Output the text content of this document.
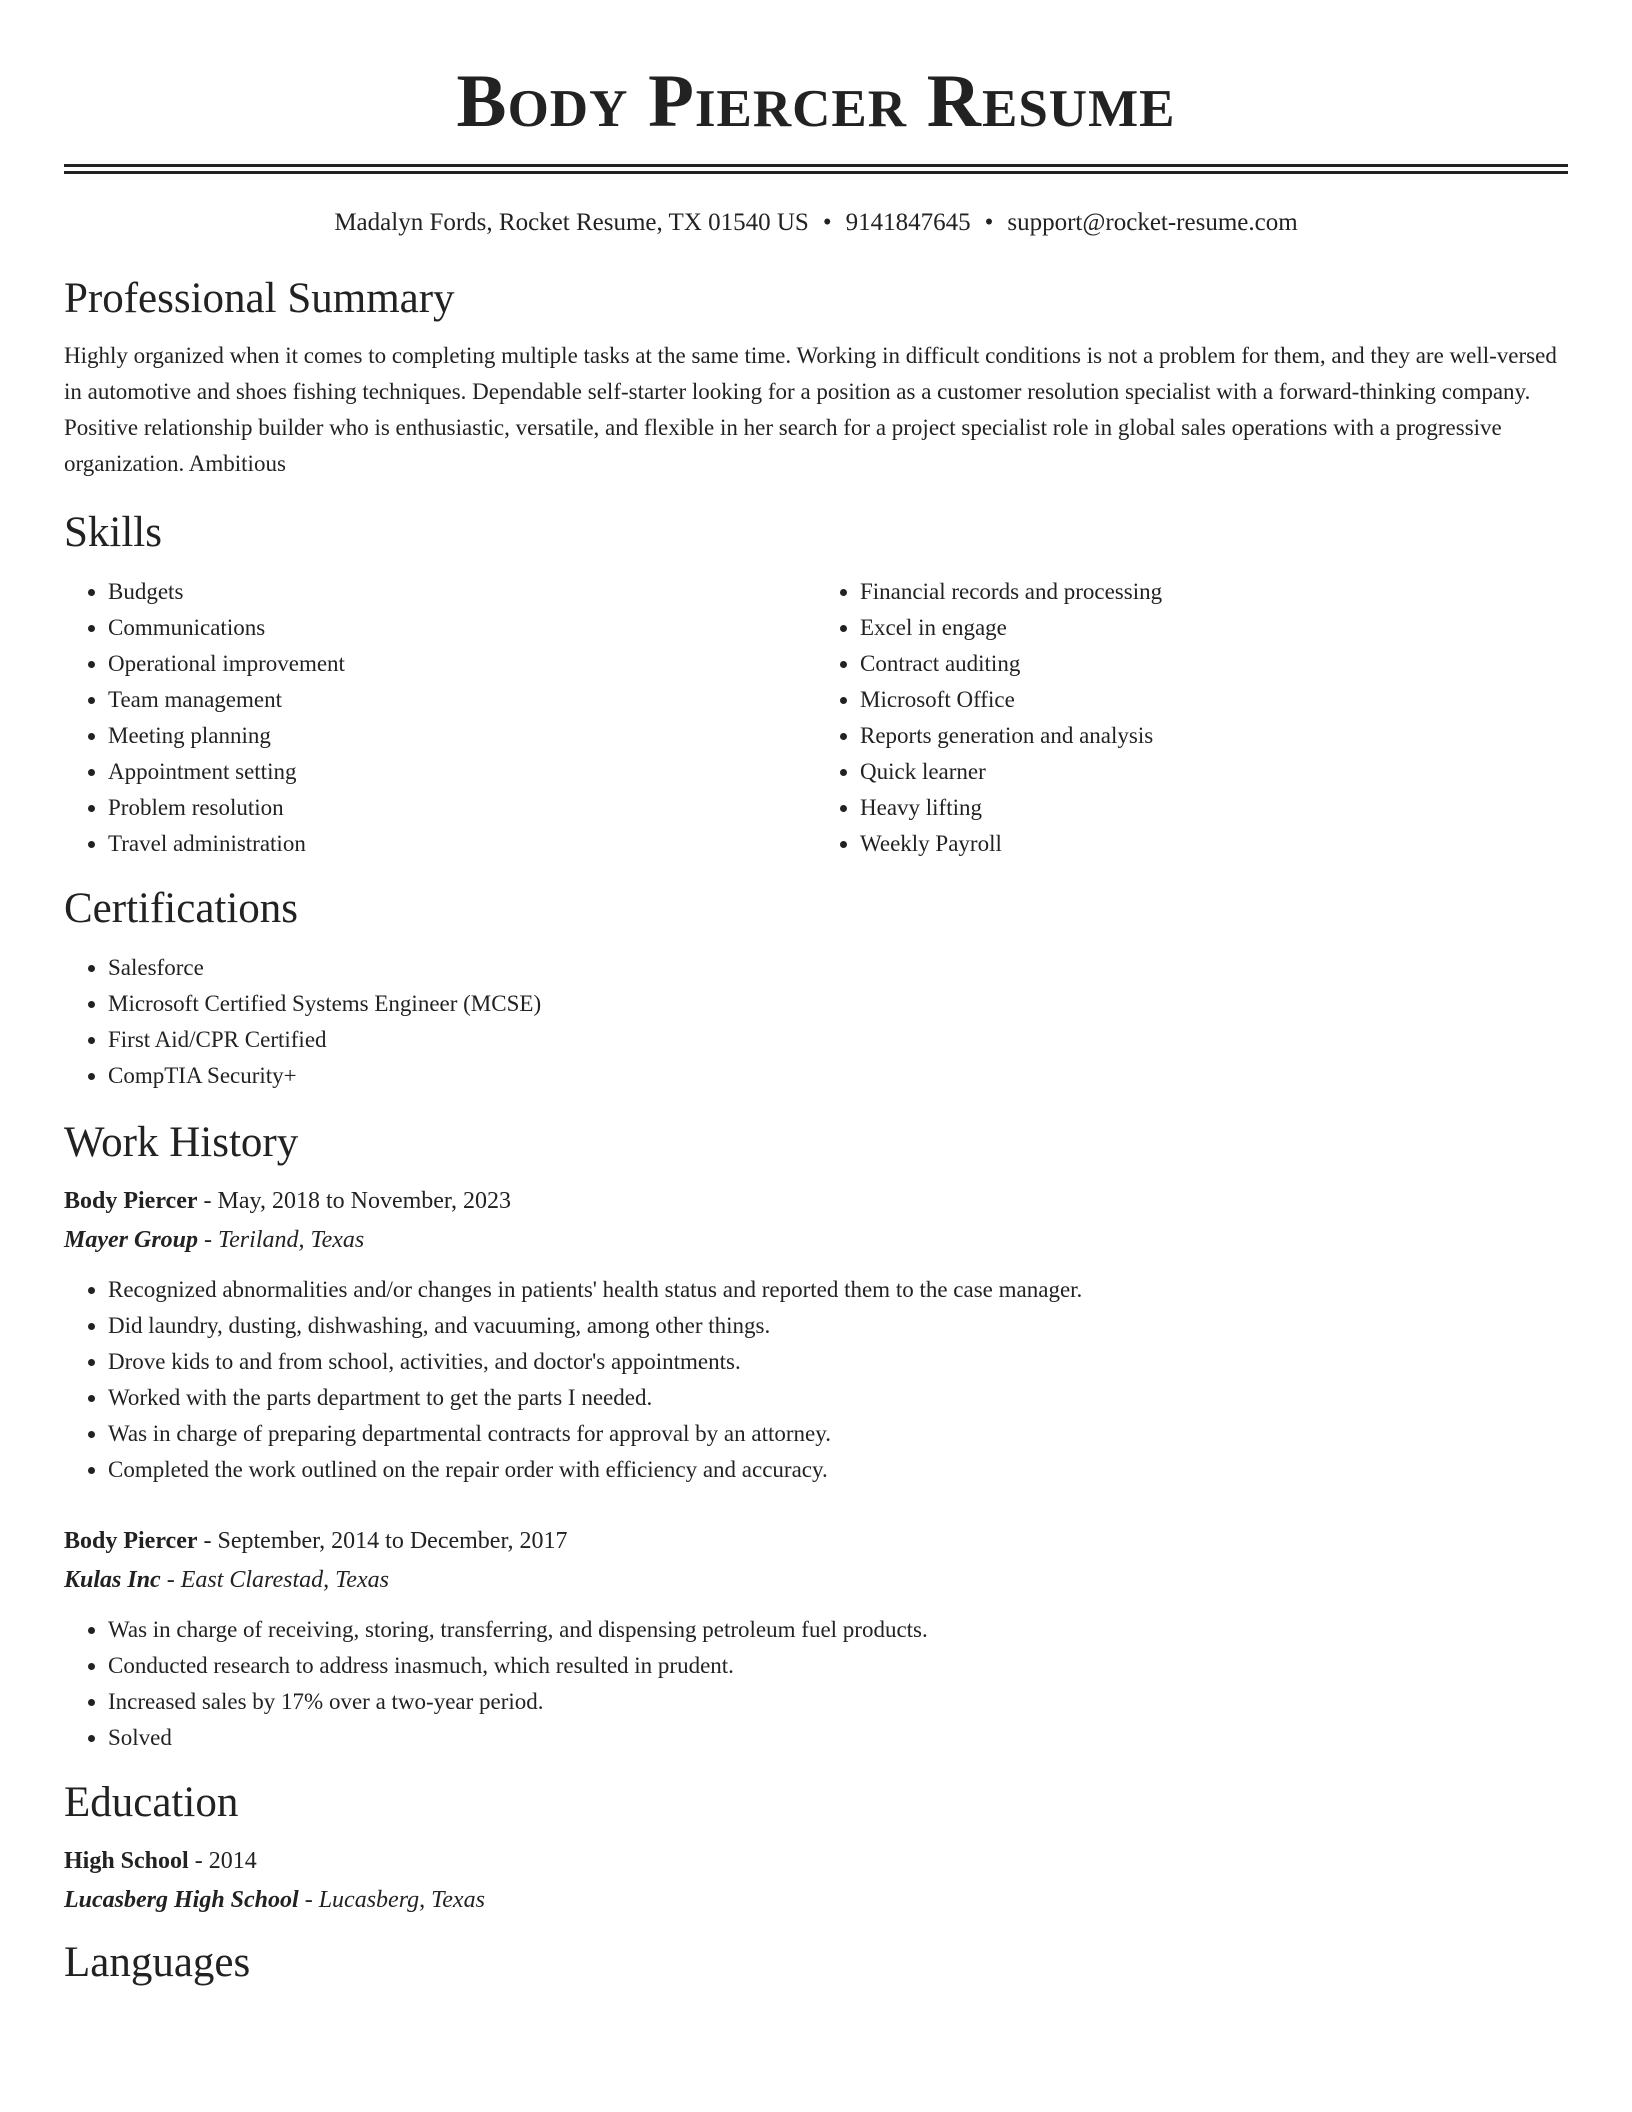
Body Piercer Resume
Madalyn Fords, Rocket Resume, TX 01540 US • 9141847645 • support@rocket-resume.com
Professional Summary

Highly organized when it comes to completing multiple tasks at the same time. Working in difficult conditions is not a problem for them, and they are well-versed in automotive and shoes fishing techniques. Dependable self-starter looking for a position as a customer resolution specialist with a forward-thinking company. Positive relationship builder who is enthusiastic, versatile, and flexible in her search for a project specialist role in global sales operations with a progressive organization. Ambitious

Skills
• Budgets
• Communications
• Operational improvement
• Team management
• Meeting planning
• Appointment setting
• Problem resolution
• Travel administration
• Financial records and processing
• Excel in engage
• Contract auditing
• Microsoft Office
• Reports generation and analysis
• Quick learner
• Heavy lifting
• Weekly Payroll
Certifications
• Salesforce
• Microsoft Certified Systems Engineer (MCSE)
• First Aid/CPR Certified
• CompTIA Security+
Work History
Body Piercer - May, 2018 to November, 2023
Mayer Group - Teriland, Texas
• Recognized abnormalities and/or changes in patients' health status and reported them to the case manager.
• Did laundry, dusting, dishwashing, and vacuuming, among other things.
• Drove kids to and from school, activities, and doctor's appointments.
• Worked with the parts department to get the parts I needed.
• Was in charge of preparing departmental contracts for approval by an attorney.
• Completed the work outlined on the repair order with efficiency and accuracy.
Body Piercer - September, 2014 to December, 2017
Kulas Inc - East Clarestad, Texas
• Was in charge of receiving, storing, transferring, and dispensing petroleum fuel products.
• Conducted research to address inasmuch, which resulted in prudent.
• Increased sales by 17% over a two-year period.
• Solved
Education
High School - 2014
Lucasberg High School - Lucasberg, Texas
Languages
